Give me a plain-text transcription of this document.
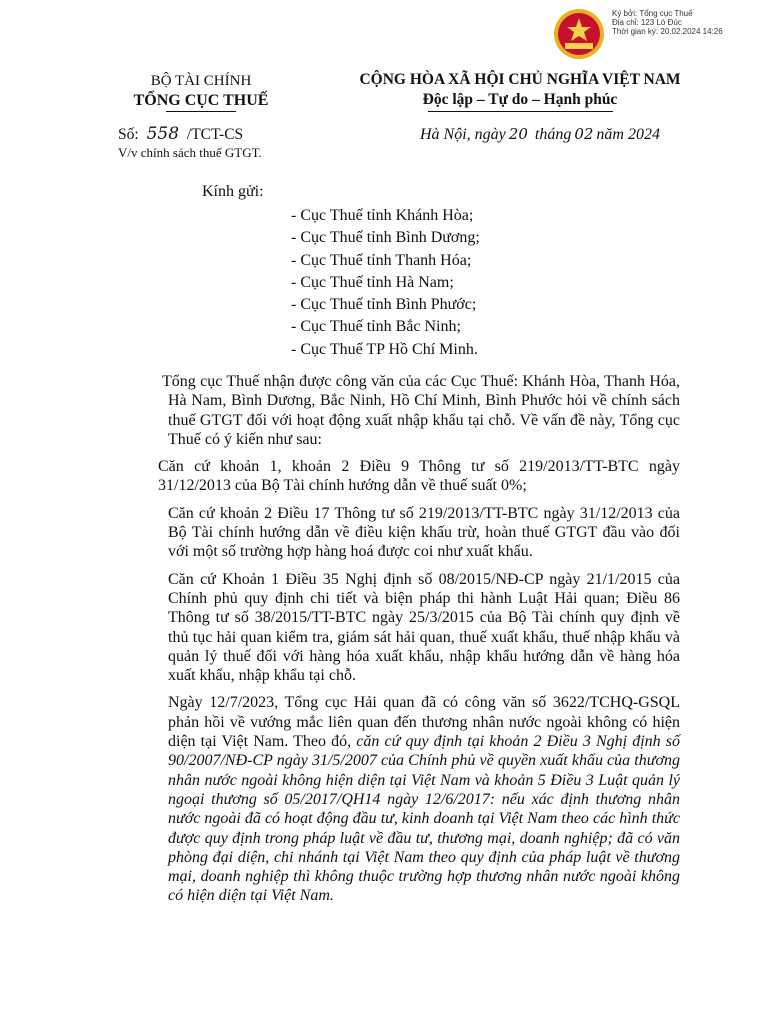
Ký bởi: Tổng cục Thuế
Địa chỉ: 123 Lò Đúc
Thời gian ký: 20.02.2024 14:26
BỘ TÀI CHÍNH
TỔNG CỤC THUẾ
CỘNG HÒA XÃ HỘI CHỦ NGHĨA VIỆT NAM
Độc lập – Tự do – Hạnh phúc
Số: 558 /TCT-CS
V/v chính sách thuế GTGT.
Hà Nội, ngày 20 tháng 02 năm 2024
Kính gửi:
- Cục Thuế tỉnh Khánh Hòa;
- Cục Thuế tỉnh Bình Dương;
- Cục Thuế tỉnh Thanh Hóa;
- Cục Thuế tỉnh Hà Nam;
- Cục Thuế tỉnh Bình Phước;
- Cục Thuế tỉnh Bắc Ninh;
- Cục Thuế TP Hồ Chí Minh.

Tổng cục Thuế nhận được công văn của các Cục Thuế: Khánh Hòa, Thanh Hóa, Hà Nam, Bình Dương, Bắc Ninh, Hồ Chí Minh, Bình Phước hỏi về chính sách thuế GTGT đối với hoạt động xuất nhập khẩu tại chỗ. Về vấn đề này, Tổng cục Thuế có ý kiến như sau:

Căn cứ khoản 1, khoản 2 Điều 9 Thông tư số 219/2013/TT-BTC ngày 31/12/2013 của Bộ Tài chính hướng dẫn về thuế suất 0%;

Căn cứ khoản 2 Điều 17 Thông tư số 219/2013/TT-BTC ngày 31/12/2013 của Bộ Tài chính hướng dẫn về điều kiện khấu trừ, hoàn thuế GTGT đầu vào đối với một số trường hợp hàng hoá được coi như xuất khẩu.

Căn cứ Khoản 1 Điều 35 Nghị định số 08/2015/NĐ-CP ngày 21/1/2015 của Chính phủ quy định chi tiết và biện pháp thi hành Luật Hải quan; Điều 86 Thông tư số 38/2015/TT-BTC ngày 25/3/2015 của Bộ Tài chính quy định về thủ tục hải quan kiểm tra, giám sát hải quan, thuế xuất khẩu, thuế nhập khẩu và quản lý thuế đối với hàng hóa xuất khẩu, nhập khẩu hướng dẫn về hàng hóa xuất khẩu, nhập khẩu tại chỗ.

Ngày 12/7/2023, Tổng cục Hải quan đã có công văn số 3622/TCHQ-GSQL phản hồi về vướng mắc liên quan đến thương nhân nước ngoài không có hiện diện tại Việt Nam. Theo đó, căn cứ quy định tại khoản 2 Điều 3 Nghị định số 90/2007/NĐ-CP ngày 31/5/2007 của Chính phủ về quyền xuất khẩu của thương nhân nước ngoài không hiện diện tại Việt Nam và khoản 5 Điều 3 Luật quản lý ngoại thương số 05/2017/QH14 ngày 12/6/2017: nếu xác định thương nhân nước ngoài đã có hoạt động đầu tư, kinh doanh tại Việt Nam theo các hình thức được quy định trong pháp luật về đầu tư, thương mại, doanh nghiệp; đã có văn phòng đại diện, chi nhánh tại Việt Nam theo quy định của pháp luật về thương mại, doanh nghiệp thì không thuộc trường hợp thương nhân nước ngoài không có hiện diện tại Việt Nam.
